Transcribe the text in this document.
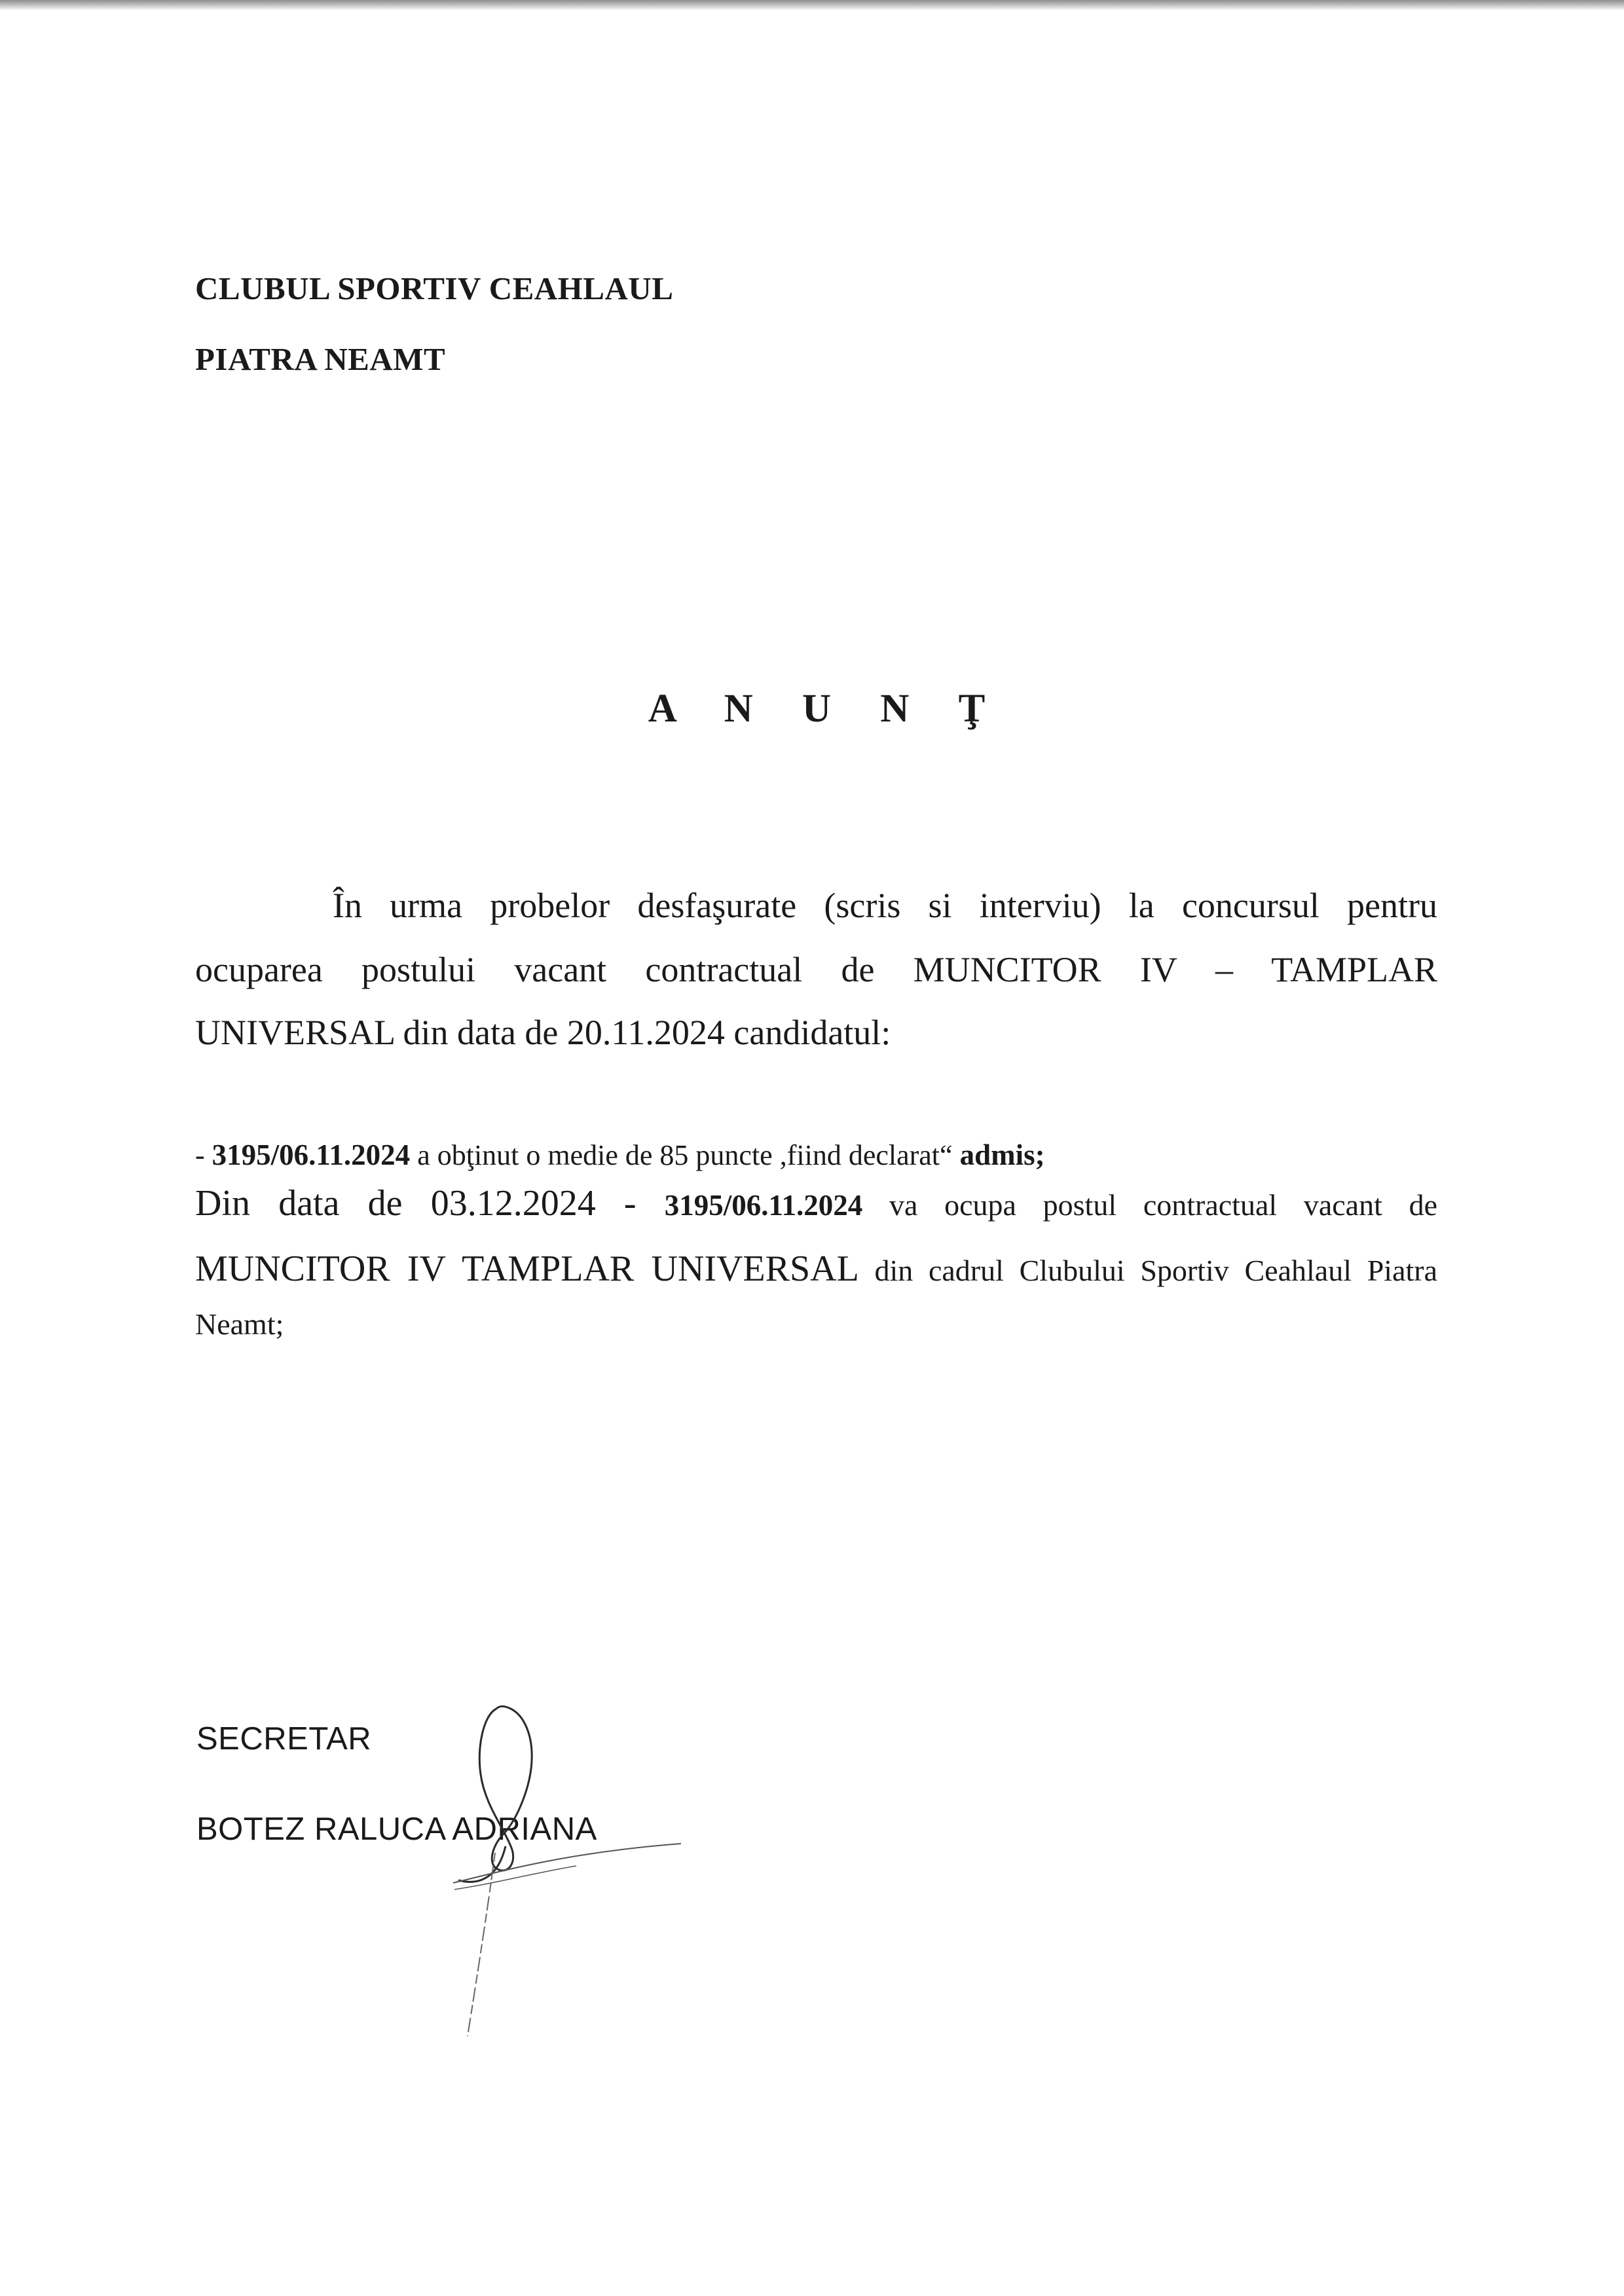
CLUBUL SPORTIV CEAHLAUL
PIATRA NEAMT
A N U N Ţ
În urma probelor desfaşurate (scris si interviu) la concursul pentru
ocuparea postului vacant contractual de MUNCITOR IV – TAMPLAR
UNIVERSAL din data de 20.11.2024 candidatul:
- 3195/06.11.2024 a obţinut o medie de 85 puncte ,fiind declarat“ admis;
Din data de 03.12.2024 - 3195/06.11.2024 va ocupa postul contractual vacant de
MUNCITOR IV TAMPLAR UNIVERSAL din cadrul Clubului Sportiv Ceahlaul Piatra
Neamt;
SECRETAR
BOTEZ RALUCA ADRIANA
